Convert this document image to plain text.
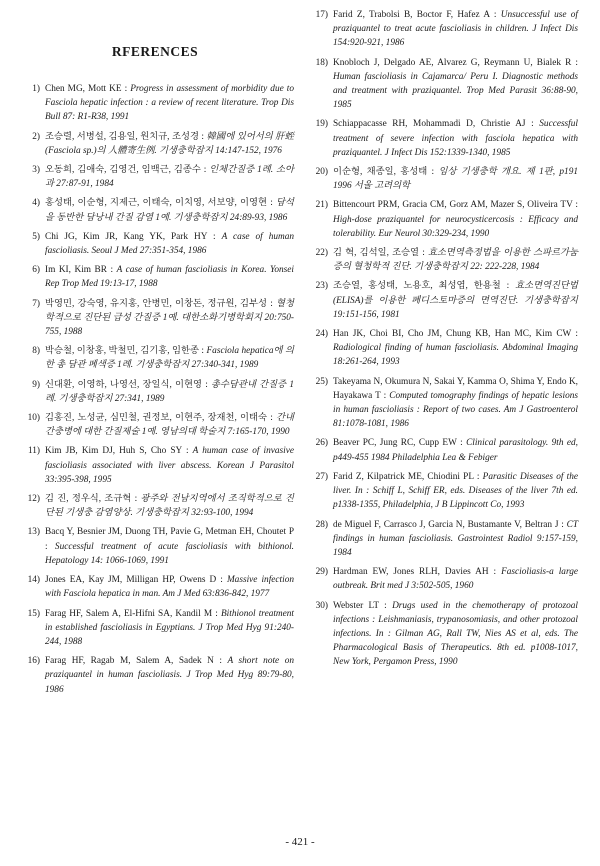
RFERENCES
1) Chen MG, Mott KE : Progress in assessment of morbidity due to Fasciola hepatic infection : a review of recent literature. Trop Dis Bull 87: R1-R38, 1991
2) 조승렬, 서병설, 김용일, 원치규, 조성경 : 韓國에 있어서의 肝蛭(Fasciola sp.)의 人體寄生例. 기생충학잡지 14:147-152, 1976
3) 오동희, 김애숙, 김영건, 임백근, 김종수 : 인체간질증 1례. 소아과 27:87-91, 1984
4) 홍성태, 이순형, 지제근, 이태숙, 이치영, 서보양, 이영현 : 담석을 동반한 담낭내 간질 감염 1예. 기생충학잡지 24:89-93, 1986
5) Chi JG, Kim JR, Kang YK, Park HY : A case of human fascioliasis. Seoul J Med 27:351-354, 1986
6) Im KI, Kim BR : A case of human fascioliasis in Korea. Yonsei Rep Trop Med 19:13-17, 1988
7) 박영민, 강숙영, 유지홍, 안병민, 이창돈, 정규원, 김부성 : 혈청학적으로 진단된 급성 간질증 1예. 대한소화기병학회지 20:750-755, 1988
8) 박승철, 이창홍, 박철민, 김기홍, 임한종 : Fasciola hepatica에 의한 총 담관 폐색증 1례. 기생충학잡지 27:340-341, 1989
9) 신대환, 이영하, 나영선, 장일식, 이현영 : 총수담관내 간질증 1례. 기생충학잡지 27:341, 1989
10) 김홍진, 노성균, 심민철, 권정보, 이현주, 장재천, 이태숙 : 간내 간충병에 대한 간질제술 1예. 영남의대 학술지 7:165-170, 1990
11) Kim JB, Kim DJ, Huh S, Cho SY : A human case of invasive fascioliasis associated with liver abscess. Korean J Parasitol 33:395-398, 1995
12) 김 진, 정우식, 조규혁 : 광주와 전남지역에서 조직학적으로 진단된 기생충 감염양상. 기생충학잡지 32:93-100, 1994
13) Bacq Y, Besnier JM, Duong TH, Pavie G, Metman EH, Choutet P : Successful treatment of acute fascioliasis with bithionol. Hepatology 14: 1066-1069, 1991
14) Jones EA, Kay JM, Milligan HP, Owens D : Massive infection with Fasciola hepatica in man. Am J Med 63:836-842, 1977
15) Farag HF, Salem A, El-Hifni SA, Kandil M : Bithionol treatment in established fascioliasis in Egyptians. J Trop Med Hyg 91:240-244, 1988
16) Farag HF, Ragab M, Salem A, Sadek N : A short note on praziquantel in human fascioliasis. J Trop Med Hyg 89:79-80, 1986
17) Farid Z, Trabolsi B, Boctor F, Hafez A : Unsuccessful use of praziquantel to treat acute fascioliasis in children. J Infect Dis 154:920-921, 1986
18) Knobloch J, Delgado AE, Alvarez G, Reymann U, Bialek R : Human fascioliasis in Cajamarca/ Peru I. Diagnostic methods and treatment with praziquantel. Trop Med Parasit 36:88-90, 1985
19) Schiappacasse RH, Mohammadi D, Christie AJ : Successful treatment of severe infection with fasciola hepatica with praziquantel. J Infect Dis 152:1339-1340, 1985
20) 이순형, 채종일, 홍성태 : 임상 기생충학 개요. 제 1판, p191 1996 서울 고려의학
21) Bittencourt PRM, Gracia CM, Gorz AM, Mazer S, Oliveira TV : High-dose praziquantel for neurocysticercosis : Efficacy and tolerability. Eur Neurol 30:329-234, 1990
22) 김 혁, 김석일, 조승열 : 효소면역측정법을 이용한 스파르가눔증의 혈청학적 진단. 기생충학잡지 22: 222-228, 1984
23) 조승열, 홍성태, 노용호, 최성엽, 한용철 : 효소면역진단법(ELISA)를 이용한 폐디스토마증의 면역진단. 기생충학잡지 19:151-156, 1981
24) Han JK, Choi BI, Cho JM, Chung KB, Han MC, Kim CW : Radiological finding of human fascioliasis. Abdominal Imaging 18:261-264, 1993
25) Takeyama N, Okumura N, Sakai Y, Kamma O, Shima Y, Endo K, Hayakawa T : Computed tomography findings of hepatic lesions in human fascioliasis : Report of two cases. Am J Gastroenterol 81:1078-1081, 1986
26) Beaver PC, Jung RC, Cupp EW : Clinical parasitology. 9th ed, p449-455 1984 Philadelphia Lea & Febiger
27) Farid Z, Kilpatrick ME, Chiodini PL : Parasitic Diseases of the liver. In : Schiff L, Schiff ER, eds. Diseases of the liver 7th ed. p1338-1355, Philadelphia, J B Lippincott Co, 1993
28) de Miguel F, Carrasco J, Garcia N, Bustamante V, Beltran J : CT findings in human fascioliasis. Gastrointest Radiol 9:157-159, 1984
29) Hardman EW, Jones RLH, Davies AH : Fascioliasis-a large outbreak. Brit med J 3:502-505, 1960
30) Webster LT : Drugs used in the chemotherapy of protozoal infections : Leishmaniasis, trypanosomiasis, and other protozoal infections. In : Gilman AG, Rall TW, Nies AS et al, eds. The Pharmacological Basis of Therapeutics. 8th ed. p1008-1017, New York, Pergamon Press, 1990
- 421 -
